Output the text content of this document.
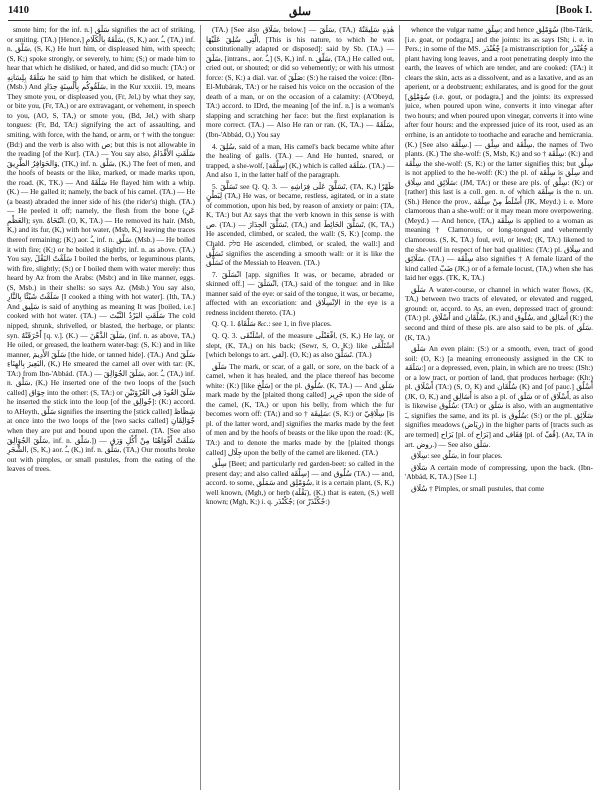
1410	سلق	[Book I.

smote him; for the inf. n.] سَلْق signifies the act of striking, or smiting. (TA.) [Hence,] سَلَقَهُ بِالْكَلَامِ, (S, K,) aor. ـُ, (TA,) inf. n. سَلْق, (S, K,) He hurt him, or displeased him, with speech; (S, K;) spoke strongly, or severely, to him; (S;) or made him to hear that which he disliked, or hated, and did so much: (TA:) or سَلَقَهُ بِلِسَانِهِ he said to him that which he disliked, or hated. (Msb.) And سَلَقُوكُم بِأَلْسِنَةٍ حِدَادٍ, in the Kur xxxiii. 19, means They smote you, or displeased you, (Fr, Jel,) by what they say, or bite you, (Fr, TA,) or are extravagant, or vehement, in speech to you, (AO, S, TA,) or smote you, (Bd, Jel,) with sharp tongues: (Fr, Bd, TA:) signifying the act of assaulting, and smiting, with force, with the hand, or arm, or † with the tongue: (Bd:) and the verb is also with ص; but this is not allowable in the reading [of the Kur]. (TA.) — You say also, سَلَقَتِ الأَقْدَامُ وَالحَوَافِرُ الطَّرِيقَ, (TK,) inf. n. سَلْق, (K,) The feet of men, and the hoofs of beasts or the like, marked, or made marks upon, the road. (K, TK.) — And سَلَقَهُ He flayed him with a whip. (K.) — He galled it; namely, the back of his camel. (TA.) — He (a beast) abraded the inner side of his (the rider's) thigh. (TA.) — He peeled it off; namely, the flesh from the bone (عَنِ العَظْمِ); syn. انْتَحَاهُ. (O, K, TA.) — He removed its hair. (Msb, K,) and its fur, (K,) with hot water, (Msb, K,) leaving the traces thereof remaining; (K;) aor. ـُ, inf. n. سَلْق. (Msb.) — He boiled it with fire; (K;) or he boiled it slightly; inf. n. as above. (TA.) You say, سَلَقْتُ البَقْلَ I boiled the herbs, or leguminous plants, with fire, slightly; (S;) or I boiled them with water merely: thus heard by Az from the Arabs: (Msb:) and in like manner, eggs. (S, Msb.) in their shells: so says Az. (Msb.) You say also, سَلَقْتُ شَيْئًا بِالنَّارِ [I cooked a thing with hot water]. (Ith, TA.) And سَلِيق is said of anything as meaning It was [boiled, i.e.] cooked with hot water. (TA.) — سَلَقَتِ البَرْدُ النَّبْتَ The cold nipped, shrunk, shrivelled, or blasted, the herbage, or plants: syn. أَحْرَقَتْهُ [q. v.]. (K.) — سَلَقَ الدَّهْنَ, (inf. n. as above, TA,) He oiled, or greased, the leathern water-bag: (S, K:) and in like manner, سَلَقَ الأَدِيمَ [the hide, or tanned hide]. (TA.) And سَلَقَ البَعِيرَ بِالهِنَاءِ, (K,) He smeared the camel all over with tar: (K, TA:) from Ibn-'Abbád. (TA.) — سَلَقَ الجُوَالِقَ, aor. ـُ, (TA,) inf. n. سَلْق, (K,) He inserted one of the two loops of the [such called] حِوَاق into the other: (S, TA:) or سَلَقَ العُودَ فِي العُرْوَتَيْنِ he inserted the stick into the loop [of the جُوالِق]: (K:) accord. to AHeyth, سَلْق signifies the inserting the [stick called] شِظَاظ at once into the two loops of the [two sacks called] جُوَالِقَانِ when they are put and bound upon the camel. (TA. [See also سَلَقَ الجُوَالِقَ, inf. n. سَلْق.]) — سَلَقَتْ أَفْوَاهُنَا مِنْ أَكْلِ وَرَقِ الشَّجَرِ, (S, K,) aor. ـُ, (K,) inf. n. سَلْق, (TA,) Our mouths broke out with pimples, or small pustules, from the eating of the leaves of trees.

(TA.) [See also سَلَاق, below.] — سَلَقَ, (TA,) هٰذِهِ سَلِيقَتُهُ الَّتِى سُلِقَ عَلَيْهَا, [This is his nature, to which he was constitutionally adapted or disposed]: said by Sb. (TA.) — سَلَقَ, [intrans., aor. ـُ,] (S, K,) inf. n. سَلْق, (TA,) He called out, cried out, or shouted; or did so vehemently; or with his utmost force: (S, K:) a dial. var. of صَلَقَ: (S:) he raised the voice: (Ibn-El-Mubárak, TA:) or he raised his voice on the occasion of the death of a man, or on the occasion of a calamity: (A'Obeyd, TA:) accord. to IDrd, the meaning [of the inf. n.] is a woman's slapping and scratching her face: but the first explanation is more correct. (TA.) — Also He ran or ran. (K, TA.) — سَلَقَهُ, (Ibn-'Abbád, O,) You say

4. سُلِقَ, said of a man, His camel's back became white after the healing of galls. (TA.) — And He hunted, snared, or trapped, a she-wolf, [سِلْقَة] (K,) which is called سَلَقَة. (TA.) — And also 1, in the latter half of the paragraph.

5. تَسَلَّقَ see Q. Q. 3. — تَسَلَّقَ عَلَى فِرَاشِهِ, (TA, K,) ظَهْرًا لِبَطْنٍ (TA,) He was, or became, restless, agitated, or in a state of commotion, upon his bed, by reason of anxiety or pain: (TA, K, TA:) but Az says that the verb known in this sense is with ص. (TA.) — تَسَلَّقَ الجِدَارَ, (TA,) and تَسَلَّقَ الحَائِطَ, (K, TA,) He ascended, climbed, or scaled, the wall: (S, K:) [comp. the Chald. סלק He ascended, climbed, or scaled, the wall:] and تَسَلُّق signifies the ascending a smooth wall: or it is like the تَسَلُّق of the Messiah to Heaven. (TA.)

7. انْسَلَقَ [app. signifies It was, or became, abraded or skinned off.] — انْسَلَقَ, (TA,) said of the tongue: and in like manner said of the eye: or said of the tongue, it was, or became, affected with an excoriation: and الاِنْسِلَاق in the eye is a redness incident thereto. (TA.)

Q. Q. 1. سَلْقَاهُ &c.: see 1, in five places.

Q. Q. 3. اسْلَنْقَى, of the measure افْعَنْلَى, (S, K,) He lay, or slept, (K, TA,) on his back; (Sewr, S, O, K;) like اسْتَلْقَى [which belongs to art. لقي]. (O, K;) as also تَسَلَّقَ. (TA.)

سَلَق The mark, or scar, of a gall, or sore, on the back of a camel, when it has healed, and the place thereof has become white: (K:) [like سَلْخ] or the pl. سُلُوق. (K, TA.) — And سَلَق mark made by the [plaited thong called] جَرِير upon the side of the camel, (K, TA,) or upon his belly, from which the fur becomes worn off: (TA;) and so † سَلِيقَة: (S, K:) or سِلَاقِيّ [is pl. of the latter word, and] signifies the marks made by the feet of men and by the hoofs of beasts or the like upon the road: (K, TA:) and to denote the marks made by the [plaited thongs called] جِلَال upon the belly of the camel are likened. (TA.)

سِلْق [Beet; and particularly red garden-beet: so called in the present day; and also called سِلْقَة] — and سُلُوق (TA.) — and, accord. to some, سَمَلَق and سُوَمْلِق, it is a certain plant, (S, K,) well known, (Mgh,) or herb (بَقْلَة), (K,) that is eaten, (S,) well known; (Mgh, K;) i. q. جُكْنْدَر; (or جُكْنْدَرْ:)

whence the vulgar name سِلْق; and hence سُوَمْلِق (Ibn-Tárik, [i.e. goat, or podagra,] and the joints: its as says ISh; i. e. in Pers.; in some of the MS. چُغُنْدَر [a mistranscription for چُغُنْدَر a plant having long leaves, and a root penetrating deeply into the earth, the leaves of which are tender, and are cooked: (TA:) it clears the skin, acts as a dissolvent, and as a laxative, and as an aperient, or a deobstruent; exhilarates, and is good for the gout [سُوَمْلِق (i.e. gout, or podagra,] and the joints: its expressed juice, when poured upon wine, converts it into vinegar after two hours; and when poured upon vinegar, converts it into wine after four hours: and the expressed juice of its root, used as an errhine, is an antidote to toothache and earache and hemicrania. (K.) [See also سِلْقَة.] — سِلْق and سِلْقَة, the names of Two plants. (K.) The she-wolf: (S, Msb, K;) and so † سِلْقَة: (K:) and سِلْقَة the she-wolf: (S, K:) or the latter signifies this; but سِلْق is not applied to the he-wolf: (K:) the pl. of سِلْقَة is سِلَق and سِلَاق and سَلَائِق: (JM, TA:) or these are pls. of سِلْق: (K:) or [rather] this last is a coll. gen. n. of which سِلْقَة is the n. un. (Sh.) Hence the prov., أَسْلَطُ مِنْ سِلْقَة (JK, Meyd.) i. e. More clamorous than a she-wolf: or it may mean more overpowering. (Meyd.) — And hence, (TA,) سِلْقَة is applied to a woman as meaning † Clamorous, or long-tongued and vehemently clamorous. (S, K, TA.) foul, evil, or lewd; (K, TA:) likened to the she-wolf in respect of her bad qualities: (TA:) pl. سِلَاق and سَلَائِق. (TA.) — سِلْقَة also signifies † A female lizard of the kind called ضَبّ (JK,) or of a female locust, (TA,) when she has laid her eggs. (TK, K, TA.)

سَلَق A water-course, or channel in which water flows, (K, TA,) between two tracts of elevated, or elevated and rugged, ground: or, accord. to As, an even, depressed tract of ground: (TA:) pl. أَسْلَاق and سُلْقَان, (K,) and سُلُوق, and أَسَالِق (K:) the second and third of these pls. are also said to be pls. of سَلَق. (K, TA.)

سَلَق An even plain: (S:) or a smooth, even, tract of good soil: (O, K:) [a meaning erroneously assigned in the CK to سَلَقَة:] or a depressed, even, plain, in which are no trees: (ISh:) or a low tract, or portion of land, that produces herbage: (Kh:) pl. أَسْلَاق (TA:) (S, O, K) and سُلْقَان (K) and [of pauc.] أَسْلُق (JK, O, K,) and أَسَالِق is also a pl. of سَلَق or of أَسْلَاق, as also is likewise سُلُوق: (TA:) or سَلَق is also, with an augmentative ـَ, signifies the same, and its pl. is سُلُوق: (S:) or the pl. سَلَائِق signifies meadows (رِيَاض) in the higher parts of [tracts such as are termed] بَرَاح [pl. of بَرَاح] and قِفَاف [pl. of قُفّ]. (Az, TA in art. روض.) — See also سَلَق.

سِلَاق: see سَلْق, in four places.

سَلَاق A certain mode of compressing, upon the back. (Ibn-'Abbád, K, TA.) [See 1.]

سُلَاق † Pimples, or small pustules, that come
